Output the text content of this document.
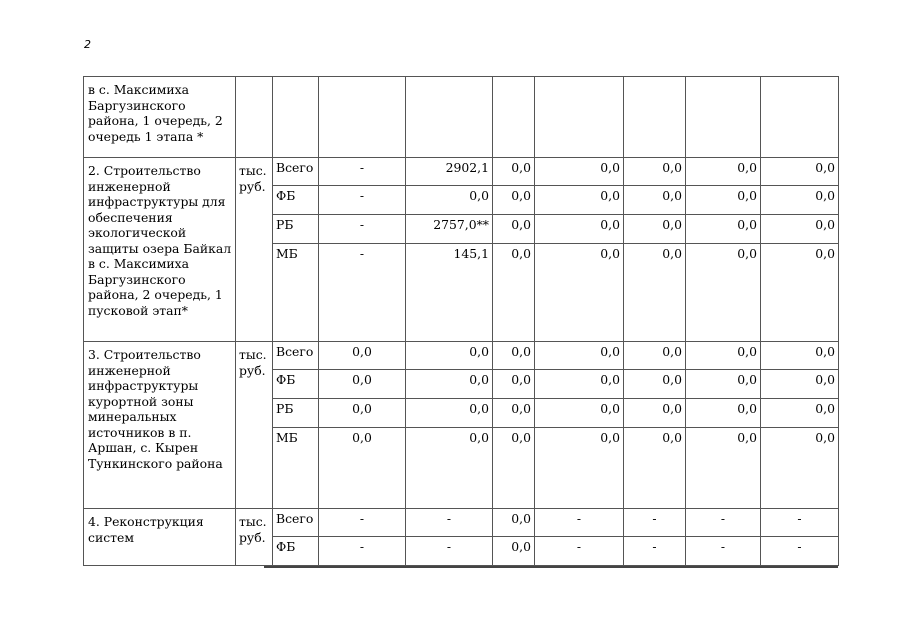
2
в с. Максимиха Баргузинского района, 1 очередь, 2 очередь 1 этапа *									
2. Строительство инженерной инфраструктуры для обеспечения экологической защиты озера Байкал в с. Максимиха Баргузинского района, 2 очередь, 1 пусковой этап*	тыс. руб.	Всего	-	2902,1	0,0	0,0	0,0	0,0	0,0
		ФБ	-	0,0	0,0	0,0	0,0	0,0	0,0
		РБ	-	2757,0**	0,0	0,0	0,0	0,0	0,0
		МБ	-	145,1	0,0	0,0	0,0	0,0	0,0
3. Строительство инженерной инфраструктуры курортной зоны минеральных источников в п. Аршан, с. Кырен Тункинского района	тыс. руб.	Всего	0,0	0,0	0,0	0,0	0,0	0,0	0,0
		ФБ	0,0	0,0	0,0	0,0	0,0	0,0	0,0
		РБ	0,0	0,0	0,0	0,0	0,0	0,0	0,0
		МБ	0,0	0,0	0,0	0,0	0,0	0,0	0,0
4. Реконструкция систем	тыс. руб.	Всего	-	-	0,0	-	-	-	-
		ФБ	-	-	0,0	-	-	-	-
